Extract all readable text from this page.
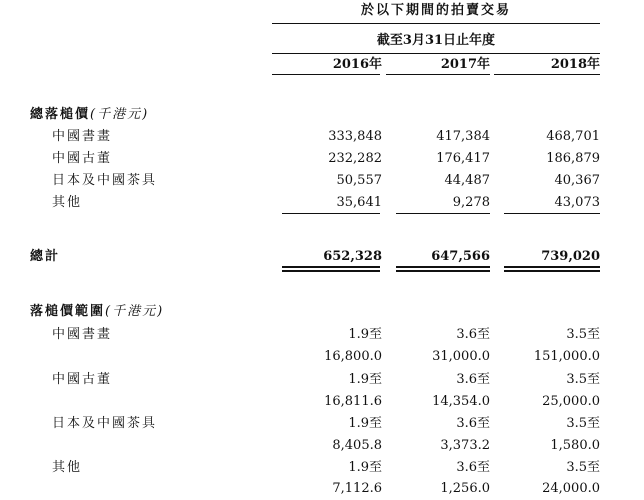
於以下期間的拍賣交易
截至3月31日止年度
2016年	2017年	2018年
總落槌價(千港元)
中國書畫	333,848	417,384	468,701
中國古董	232,282	176,417	186,879
日本及中國茶具	50,557	44,487	40,367
其他	35,641	9,278	43,073
總計	652,328	647,566	739,020
落槌價範圍(千港元)
中國書畫	1.9至	3.6至	3.5至
16,800.0	31,000.0	151,000.0
中國古董	1.9至	3.6至	3.5至
16,811.6	14,354.0	25,000.0
日本及中國茶具	1.9至	3.6至	3.5至
8,405.8	3,373.2	1,580.0
其他	1.9至	3.6至	3.5至
7,112.6	1,256.0	24,000.0
